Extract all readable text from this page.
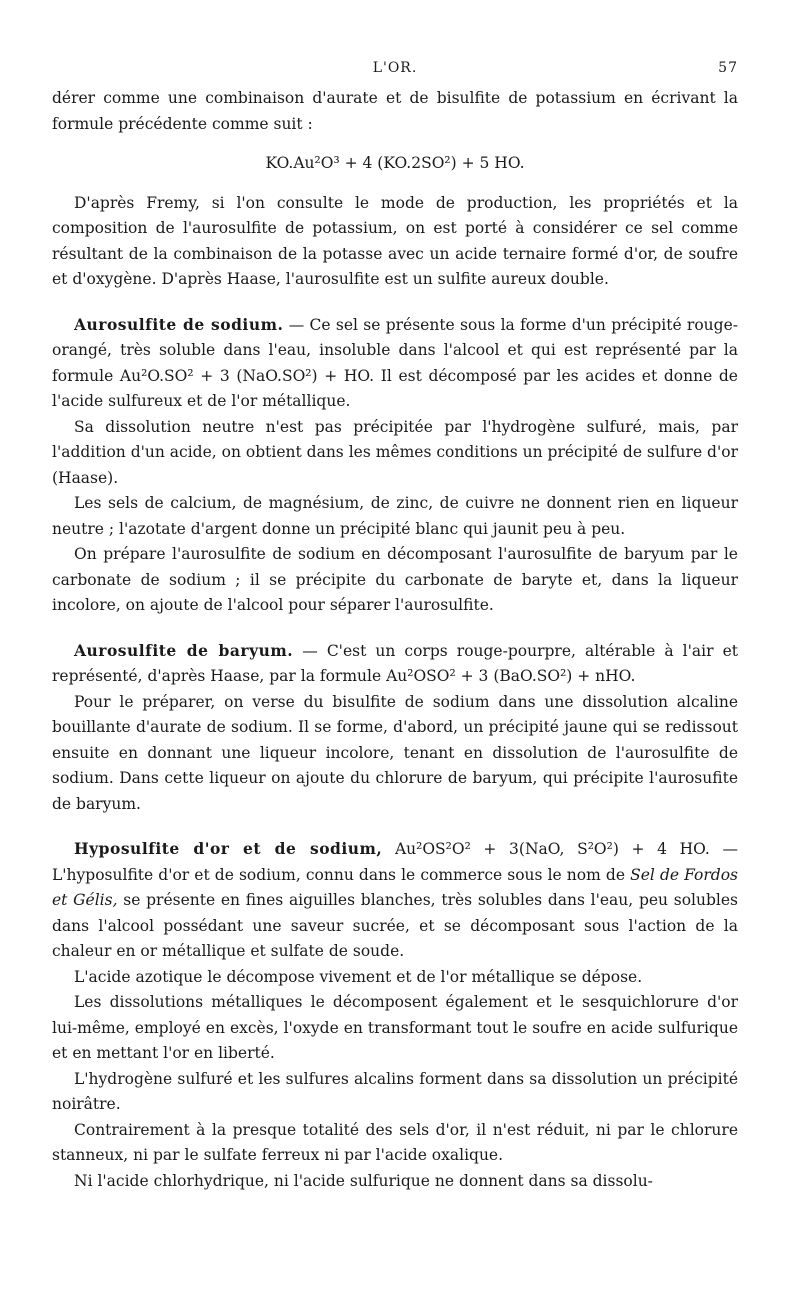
L'OR.	57

dérer comme une combinaison d'aurate et de bisulfite de potassium en écrivant la formule précédente comme suit :

KO.Au²O³ + 4 (KO.2SO²) + 5 HO.

D'après Fremy, si l'on consulte le mode de production, les propriétés et la composition de l'aurosulfite de potassium, on est porté à considérer ce sel comme résultant de la combinaison de la potasse avec un acide ternaire formé d'or, de soufre et d'oxygène. D'après Haase, l'aurosulfite est un sulfite aureux double.

Aurosulfite de sodium. — Ce sel se présente sous la forme d'un précipité rouge-orangé, très soluble dans l'eau, insoluble dans l'alcool et qui est représenté par la formule Au²O.SO² + 3 (NaO.SO²) + HO. Il est décomposé par les acides et donne de l'acide sulfureux et de l'or métallique.

Sa dissolution neutre n'est pas précipitée par l'hydrogène sulfuré, mais, par l'addition d'un acide, on obtient dans les mêmes conditions un précipité de sulfure d'or (Haase).

Les sels de calcium, de magnésium, de zinc, de cuivre ne donnent rien en liqueur neutre ; l'azotate d'argent donne un précipité blanc qui jaunit peu à peu.

On prépare l'aurosulfite de sodium en décomposant l'aurosulfite de baryum par le carbonate de sodium ; il se précipite du carbonate de baryte et, dans la liqueur incolore, on ajoute de l'alcool pour séparer l'aurosulfite.

Aurosulfite de baryum. — C'est un corps rouge-pourpre, altérable à l'air et représenté, d'après Haase, par la formule Au²OSO² + 3 (BaO.SO²) + nHO.

Pour le préparer, on verse du bisulfite de sodium dans une dissolution alcaline bouillante d'aurate de sodium. Il se forme, d'abord, un précipité jaune qui se redissout ensuite en donnant une liqueur incolore, tenant en dissolution de l'aurosulfite de sodium. Dans cette liqueur on ajoute du chlorure de baryum, qui précipite l'aurosufite de baryum.

Hyposulfite d'or et de sodium, Au²OS²O² + 3(NaO, S²O²) + 4 HO. — L'hyposulfite d'or et de sodium, connu dans le commerce sous le nom de Sel de Fordos et Gélis, se présente en fines aiguilles blanches, très solubles dans l'eau, peu solubles dans l'alcool possédant une saveur sucrée, et se décomposant sous l'action de la chaleur en or métallique et sulfate de soude.

L'acide azotique le décompose vivement et de l'or métallique se dépose.

Les dissolutions métalliques le décomposent également et le sesquichlorure d'or lui-même, employé en excès, l'oxyde en transformant tout le soufre en acide sulfurique et en mettant l'or en liberté.

L'hydrogène sulfuré et les sulfures alcalins forment dans sa dissolution un précipité noirâtre.

Contrairement à la presque totalité des sels d'or, il n'est réduit, ni par le chlorure stanneux, ni par le sulfate ferreux ni par l'acide oxalique.

Ni l'acide chlorhydrique, ni l'acide sulfurique ne donnent dans sa dissolu-
